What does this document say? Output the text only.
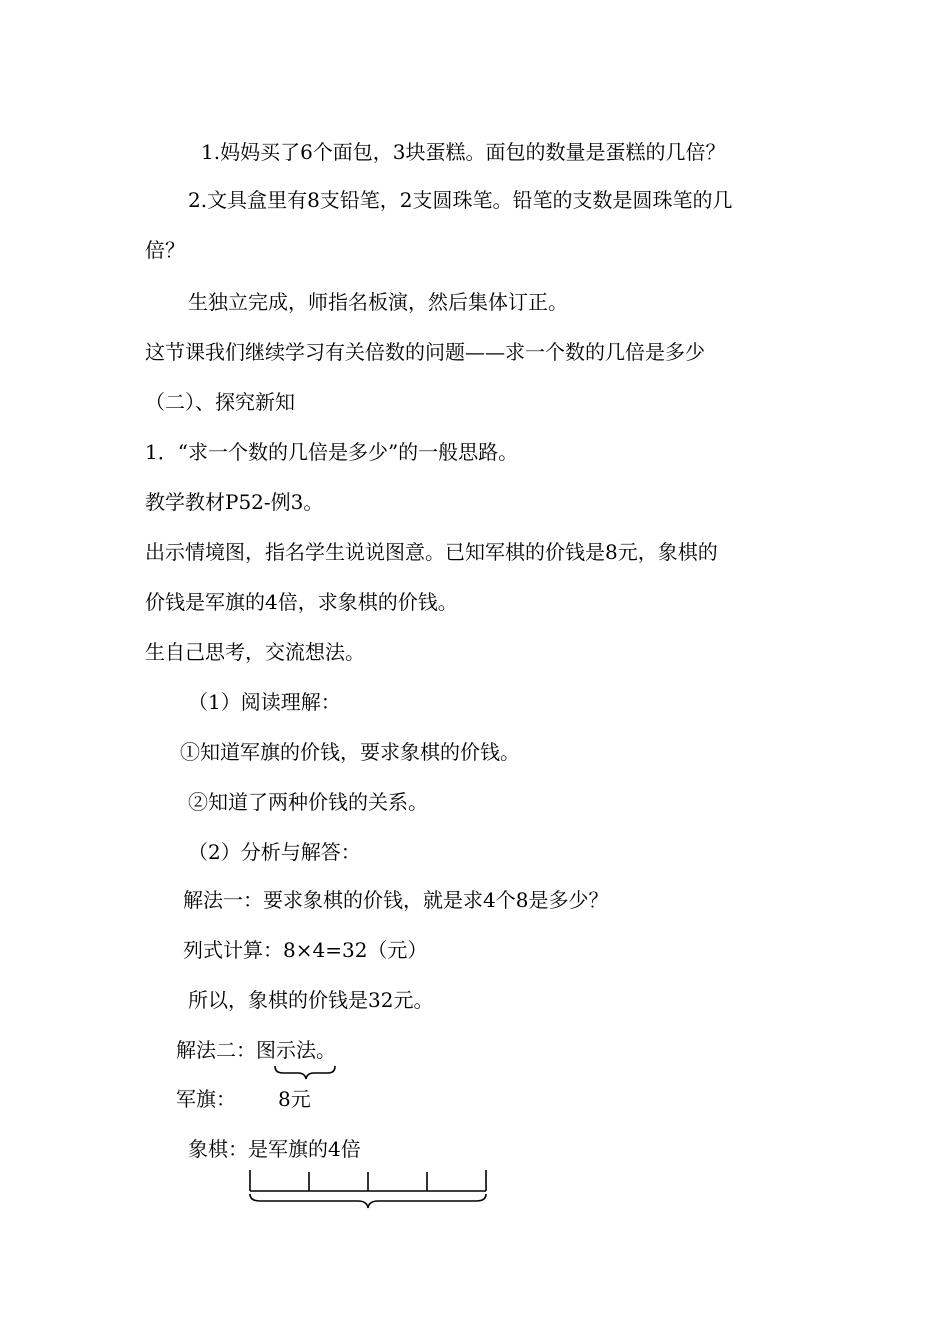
1.妈妈买了6个面包，3块蛋糕。面包的数量是蛋糕的几倍？
2.文具盒里有8支铅笔，2支圆珠笔。铅笔的支数是圆珠笔的几
倍？
生独立完成，师指名板演，然后集体订正。
这节课我们继续学习有关倍数的问题——求一个数的几倍是多少
（二）、探究新知
1．“求一个数的几倍是多少”的一般思路。
教学教材P52-例3。
出示情境图，指名学生说说图意。已知军棋的价钱是8元，象棋的
价钱是军旗的4倍，求象棋的价钱。
生自己思考，交流想法。
（1）阅读理解：
①知道军旗的价钱，要求象棋的价钱。
②知道了两种价钱的关系。
（2）分析与解答：
解法一：要求象棋的价钱，就是求4个8是多少？
列式计算：8×4=32（元）
所以，象棋的价钱是32元。
解法二：图示法。
军旗： 8元
象棋：是军旗的4倍
